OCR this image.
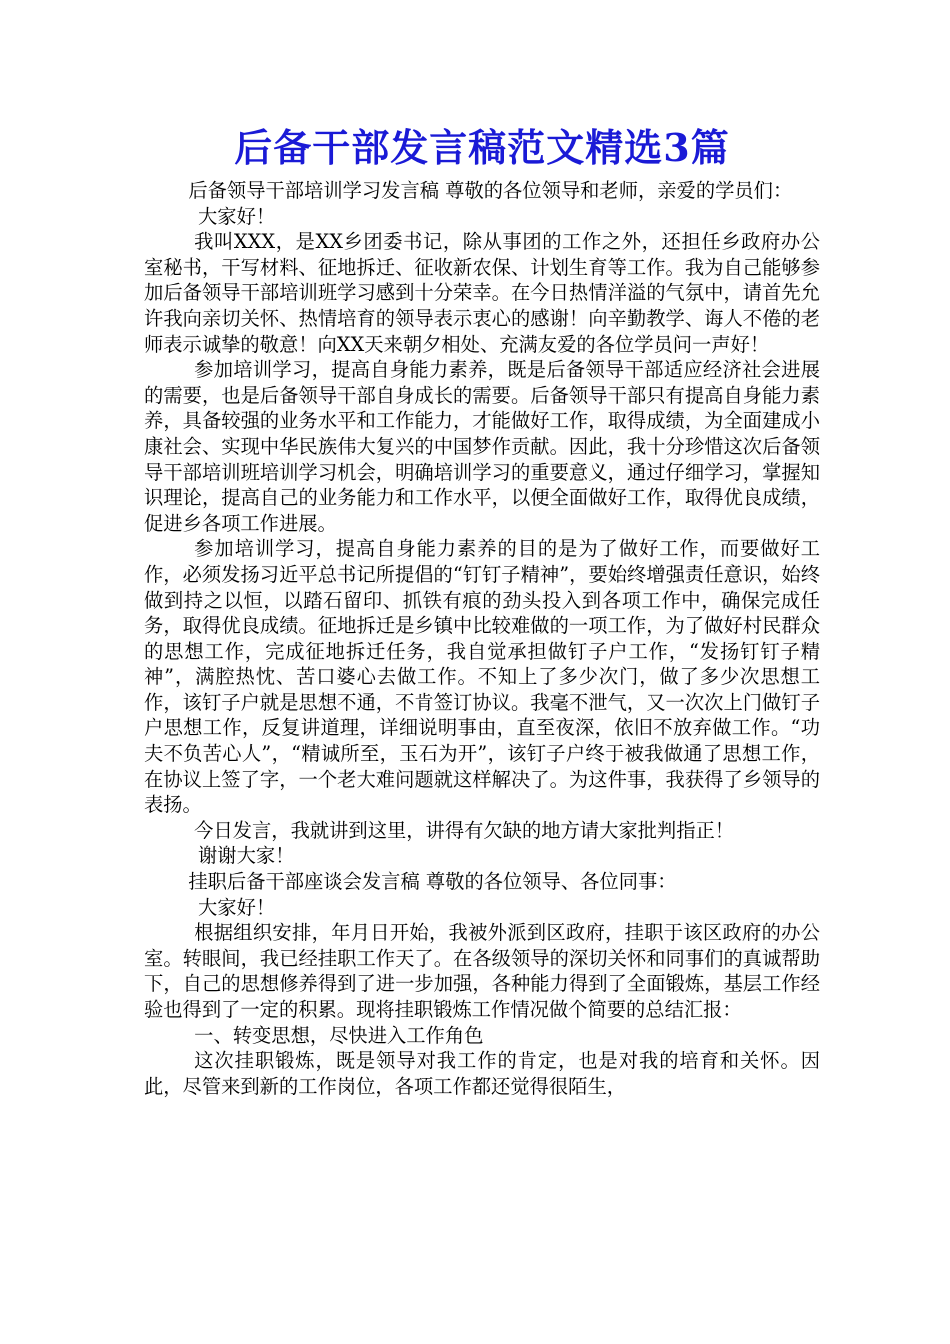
后备干部发言稿范文精选3篇

后备领导干部培训学习发言稿 尊敬的各位领导和老师，亲爱的学员们：

大家好！

我叫XXX，是XX乡团委书记，除从事团的工作之外，还担任乡政府办公室秘书，干写材料、征地拆迁、征收新农保、计划生育等工作。我为自己能够参加后备领导干部培训班学习感到十分荣幸。在今日热情洋溢的气氛中，请首先允许我向亲切关怀、热情培育的领导表示衷心的感谢！向辛勤教学、诲人不倦的老师表示诚挚的敬意！向XX天来朝夕相处、充满友爱的各位学员问一声好！

参加培训学习，提高自身能力素养，既是后备领导干部适应经济社会进展的需要，也是后备领导干部自身成长的需要。后备领导干部只有提高自身能力素养，具备较强的业务水平和工作能力，才能做好工作，取得成绩，为全面建成小康社会、实现中华民族伟大复兴的中国梦作贡献。因此，我十分珍惜这次后备领导干部培训班培训学习机会，明确培训学习的重要意义，通过仔细学习，掌握知识理论，提高自己的业务能力和工作水平，以便全面做好工作，取得优良成绩，促进乡各项工作进展。

参加培训学习，提高自身能力素养的目的是为了做好工作，而要做好工作，必须发扬习近平总书记所提倡的“钉钉子精神”，要始终增强责任意识，始终做到持之以恒，以踏石留印、抓铁有痕的劲头投入到各项工作中，确保完成任务，取得优良成绩。征地拆迁是乡镇中比较难做的一项工作，为了做好村民群众的思想工作，完成征地拆迁任务，我自觉承担做钉子户工作，“发扬钉钉子精神”，满腔热忱、苦口婆心去做工作。不知上了多少次门，做了多少次思想工作，该钉子户就是思想不通，不肯签订协议。我毫不泄气，又一次次上门做钉子户思想工作，反复讲道理，详细说明事由，直至夜深，依旧不放弃做工作。“功夫不负苦心人”，“精诚所至，玉石为开”，该钉子户终于被我做通了思想工作，在协议上签了字，一个老大难问题就这样解决了。为这件事，我获得了乡领导的表扬。

今日发言，我就讲到这里，讲得有欠缺的地方请大家批判指正！

谢谢大家！

挂职后备干部座谈会发言稿 尊敬的各位领导、各位同事：

大家好！

根据组织安排，年月日开始，我被外派到区政府，挂职于该区政府的办公室。转眼间，我已经挂职工作天了。在各级领导的深切关怀和同事们的真诚帮助下，自己的思想修养得到了进一步加强，各种能力得到了全面锻炼，基层工作经验也得到了一定的积累。现将挂职锻炼工作情况做个简要的总结汇报：

一、转变思想，尽快进入工作角色

这次挂职锻炼，既是领导对我工作的肯定，也是对我的培育和关怀。因此，尽管来到新的工作岗位，各项工作都还觉得很陌生，
